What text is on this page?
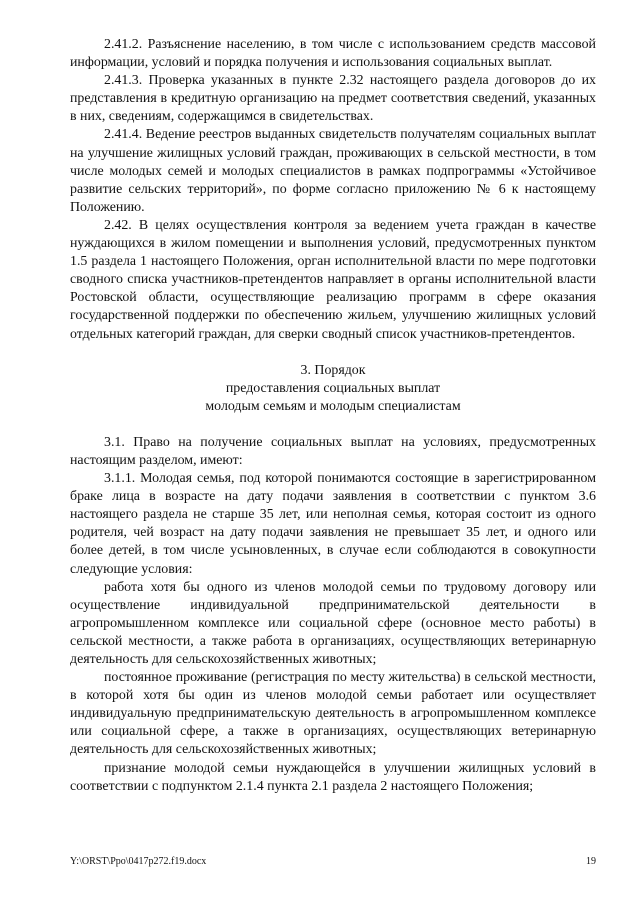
2.41.2. Разъяснение населению, в том числе с использованием средств массовой информации, условий и порядка получения и использования социальных выплат.

2.41.3. Проверка указанных в пункте 2.32 настоящего раздела договоров до их представления в кредитную организацию на предмет соответствия сведений, указанных в них, сведениям, содержащимся в свидетельствах.

2.41.4. Ведение реестров выданных свидетельств получателям социальных выплат на улучшение жилищных условий граждан, проживающих в сельской местности, в том числе молодых семей и молодых специалистов в рамках подпрограммы «Устойчивое развитие сельских территорий», по форме согласно приложению № 6 к настоящему Положению.

2.42. В целях осуществления контроля за ведением учета граждан в качестве нуждающихся в жилом помещении и выполнения условий, предусмотренных пунктом 1.5 раздела 1 настоящего Положения, орган исполнительной власти по мере подготовки сводного списка участников-претендентов направляет в органы исполнительной власти Ростовской области, осуществляющие реализацию программ в сфере оказания государственной поддержки по обеспечению жильем, улучшению жилищных условий отдельных категорий граждан, для сверки сводный список участников-претендентов.

3. Порядок

предоставления социальных выплат

молодым семьям и молодым специалистам

3.1. Право на получение социальных выплат на условиях, предусмотренных настоящим разделом, имеют:

3.1.1. Молодая семья, под которой понимаются состоящие в зарегистрированном браке лица в возрасте на дату подачи заявления в соответствии с пунктом 3.6 настоящего раздела не старше 35 лет, или неполная семья, которая состоит из одного родителя, чей возраст на дату подачи заявления не превышает 35 лет, и одного или более детей, в том числе усыновленных, в случае если соблюдаются в совокупности следующие условия:

работа хотя бы одного из членов молодой семьи по трудовому договору или осуществление индивидуальной предпринимательской деятельности в агропромышленном комплексе или социальной сфере (основное место работы) в сельской местности, а также работа в организациях, осуществляющих ветеринарную деятельность для сельскохозяйственных животных;

постоянное проживание (регистрация по месту жительства) в сельской местности, в которой хотя бы один из членов молодой семьи работает или осуществляет индивидуальную предпринимательскую деятельность в агропромышленном комплексе или социальной сфере, а также в организациях, осуществляющих ветеринарную деятельность для сельскохозяйственных животных;

признание молодой семьи нуждающейся в улучшении жилищных условий в соответствии с подпунктом 2.1.4 пункта 2.1 раздела 2 настоящего Положения;

Y:\ORST\Ppo\0417p272.f19.docx	19
